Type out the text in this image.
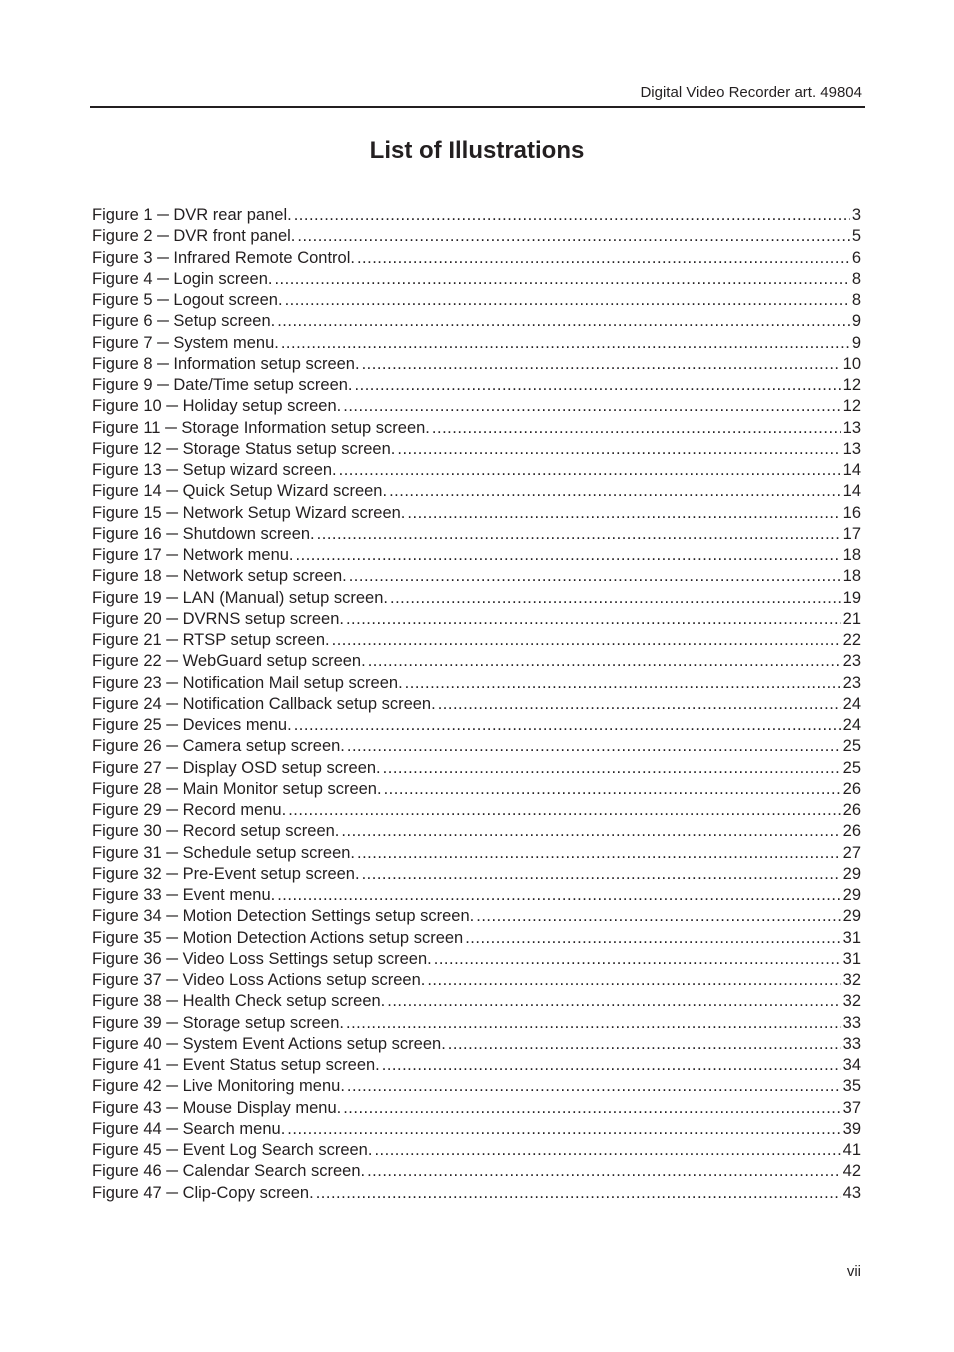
Digital Video Recorder art. 49804
List of Illustrations
Figure 1 ─ DVR rear panel. .....	3
Figure 2 ─ DVR front panel. .....	5
Figure 3 ─ Infrared Remote Control. .....	6
Figure 4 ─ Login screen. .....	8
Figure 5 ─ Logout screen. .....	8
Figure 6 ─ Setup screen. .....	9
Figure 7 ─ System menu. .....	9
Figure 8 ─ Information setup screen. .....	10
Figure 9 ─ Date/Time setup screen. .....	12
Figure 10 ─ Holiday setup screen. .....	12
Figure 11 ─ Storage Information setup screen. .....	13
Figure 12 ─ Storage Status setup screen. .....	13
Figure 13 ─ Setup wizard screen. .....	14
Figure 14 ─ Quick Setup Wizard screen. .....	14
Figure 15 ─ Network Setup Wizard screen. .....	16
Figure 16 ─ Shutdown screen. .....	17
Figure 17 ─ Network menu. .....	18
Figure 18 ─ Network setup screen. .....	18
Figure 19 ─ LAN (Manual) setup screen. .....	19
Figure 20 ─ DVRNS setup screen. .....	21
Figure 21 ─ RTSP setup screen. .....	22
Figure 22 ─ WebGuard setup screen. .....	23
Figure 23 ─ Notification Mail setup screen. .....	23
Figure 24 ─ Notification Callback setup screen. .....	24
Figure 25 ─ Devices menu. .....	24
Figure 26 ─ Camera setup screen. .....	25
Figure 27 ─ Display OSD setup screen. .....	25
Figure 28 ─ Main Monitor setup screen. .....	26
Figure 29 ─ Record menu. .....	26
Figure 30 ─ Record setup screen. .....	26
Figure 31 ─ Schedule setup screen. .....	27
Figure 32 ─ Pre-Event setup screen. .....	29
Figure 33 ─ Event menu. .....	29
Figure 34 ─ Motion Detection Settings setup screen. .....	29
Figure 35 ─ Motion Detection Actions setup screen .....	31
Figure 36 ─ Video Loss Settings setup screen. .....	31
Figure 37 ─ Video Loss Actions setup screen. .....	32
Figure 38 ─ Health Check setup screen. .....	32
Figure 39 ─ Storage setup screen. .....	33
Figure 40 ─ System Event Actions setup screen. .....	33
Figure 41 ─ Event Status setup screen. .....	34
Figure 42 ─ Live Monitoring menu. .....	35
Figure 43 ─ Mouse Display menu. .....	37
Figure 44 ─ Search menu. .....	39
Figure 45 ─ Event Log Search screen. .....	41
Figure 46 ─ Calendar Search screen. .....	42
Figure 47 ─ Clip-Copy screen. .....	43
vii
